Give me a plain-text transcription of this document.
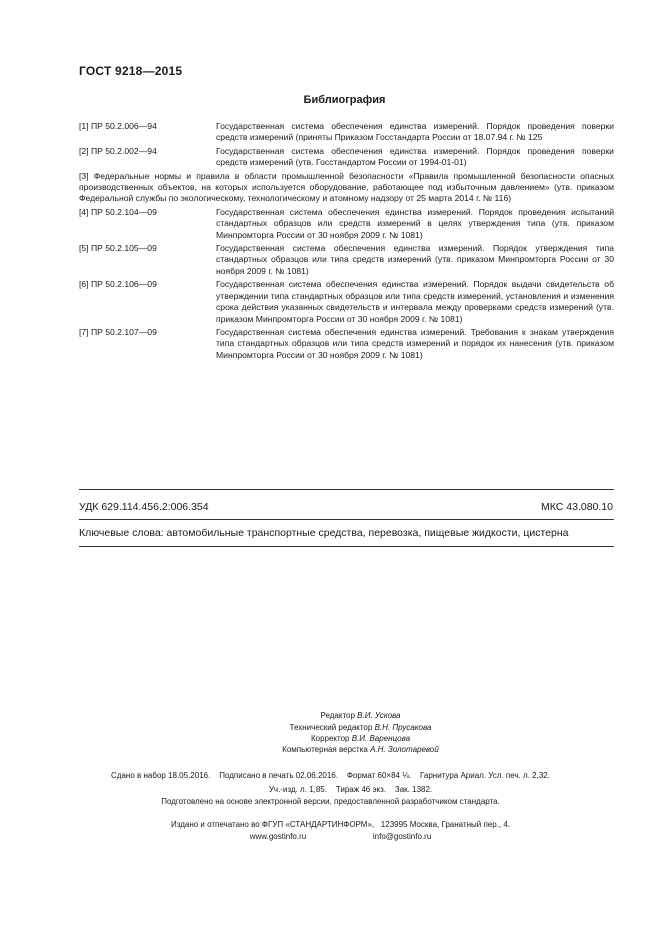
ГОСТ 9218—2015
Библиография
[1] ПР 50.2.006—94	Государственная система обеспечения единства измерений. Порядок проведения поверки средств измерений (приняты Приказом Госстандарта России от 18.07.94 г. № 125
[2] ПР 50.2.002—94	Государственная система обеспечения единства измерений. Порядок проведения поверки средств измерений (утв. Госстандартом России от 1994-01-01)
[3] Федеральные нормы и правила в области промышленной безопасности «Правила промышленной безопасности опасных производственных объектов, на которых используется оборудование, работающее под избыточным давлением» (утв. приказом Федеральной службы по экологическому, технологическому и атомному надзору от 25 марта 2014 г. № 116)
[4] ПР 50.2.104—09	Государственная система обеспечения единства измерений. Порядок проведения испытаний стандартных образцов или средств измерений в целях утверждения типа (утв. приказом Минпромторга России от 30 ноября 2009 г. № 1081)
[5] ПР 50.2.105—09	Государственная система обеспечения единства измерений. Порядок утверждения типа стандартных образцов или типа средств измерений (утв. приказом Минпромторга России от 30 ноября 2009 г. № 1081)
[6] ПР 50.2.106—09	Государственная система обеспечения единства измерений. Порядок выдачи свидетельств об утверждении типа стандартных образцов или типа средств измерений, установления и изменения срока действия указанных свидетельств и интервала между проверками средств измерений (утв. приказом Минпромторга России от 30 ноября 2009 г. № 1081)
[7] ПР 50.2.107—09	Государственная система обеспечения единства измерений. Требования к знакам утверждения типа стандартных образцов или типа средств измерений и порядок их нанесения (утв. приказом Минпромторга России от 30 ноября 2009 г. № 1081)
УДК 629.114.456.2:006.354	МКС 43.080.10
Ключевые слова: автомобильные транспортные средства, перевозка, пищевые жидкости, цистерна
Редактор В.И. Ускова
Технический редактор В.Н. Прусакова
Корректор В.И. Варенцова
Компьютерная верстка А.Н. Золотаревой
Сдано в набор 18.05.2016.    Подписано в печать 02.06.2016.    Формат 60×84 ⅛.    Гарнитура Ариал. Усл. печ. л. 2,32.
Уч.-изд. л. 1,85.    Тираж 46 экз.    Зак. 1382.
Подготовлено на основе электронной версии, предоставленной разработчиком стандарта.
Издано и отпечатано во ФГУП «СТАНДАРТИНФОРМ»,   123995 Москва, Гранатный пер., 4.
www.gostinfo.ru	info@gostinfo.ru
